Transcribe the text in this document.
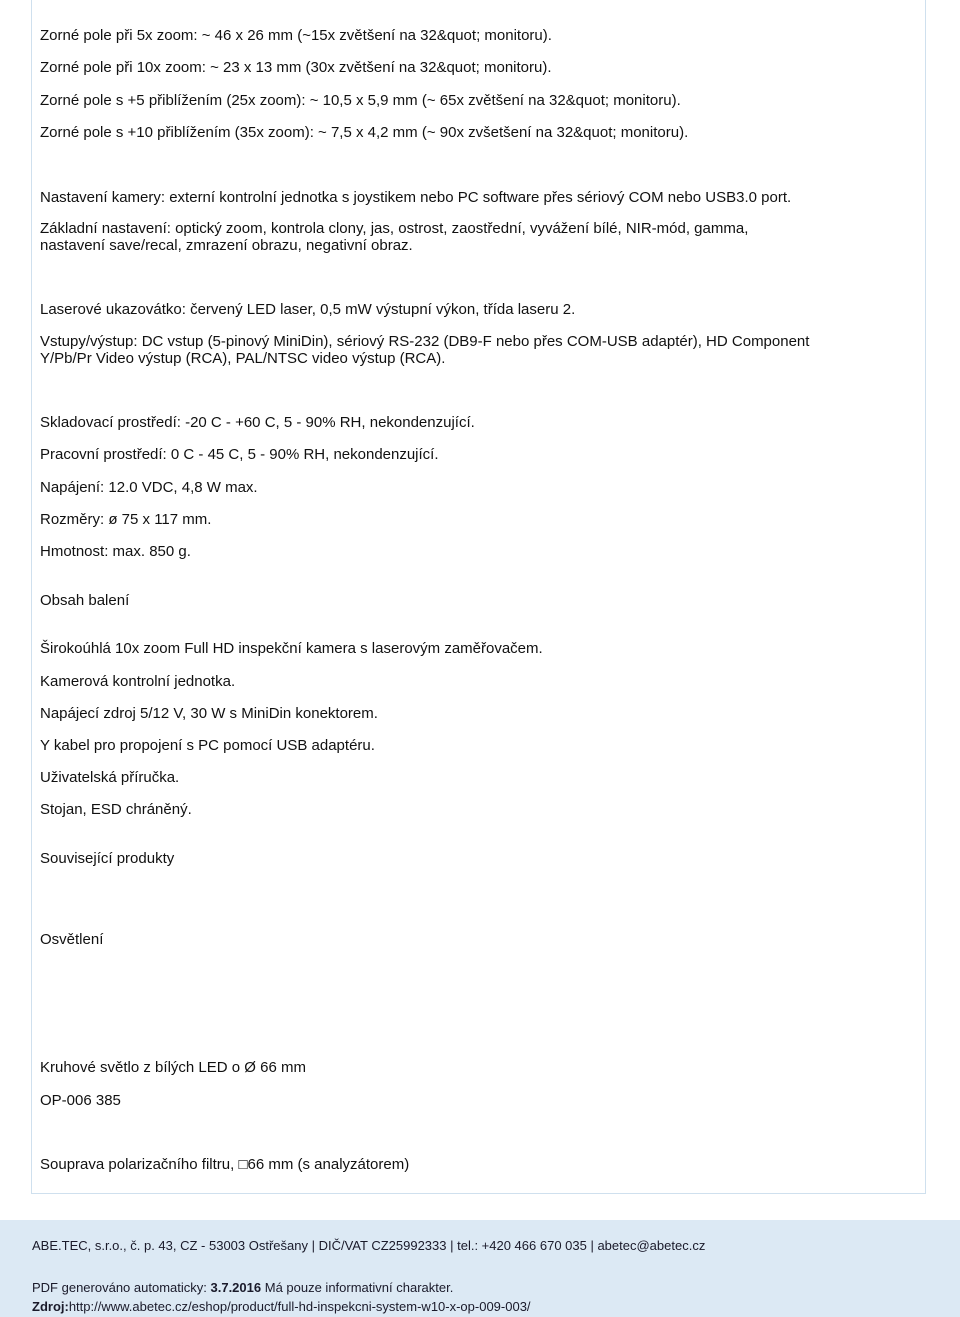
Zorné pole při 5x zoom: ~ 46 x 26 mm (~15x zvětšení na 32&quot; monitoru).
Zorné pole při 10x zoom: ~ 23 x 13 mm (30x zvětšení na 32&quot; monitoru).
Zorné pole s +5 přiblížením (25x zoom): ~ 10,5 x 5,9 mm (~ 65x zvětšení na 32&quot; monitoru).
Zorné pole s +10 přiblížením (35x zoom): ~ 7,5 x 4,2 mm (~ 90x zvšetšení na 32&quot; monitoru).
Nastavení kamery: externí kontrolní jednotka s joystikem nebo PC software přes sériový COM nebo USB3.0 port.
Základní nastavení: optický zoom, kontrola clony, jas, ostrost, zaostřední, vyvážení bílé, NIR-mód, gamma,
nastavení save/recal, zmrazení obrazu, negativní obraz.
Laserové ukazovátko: červený LED laser, 0,5 mW výstupní výkon, třída laseru 2.
Vstupy/výstup: DC vstup (5-pinový MiniDin), sériový RS-232 (DB9-F nebo přes COM-USB adaptér), HD Component
Y/Pb/Pr Video výstup (RCA), PAL/NTSC video výstup (RCA).
Skladovací prostředí: -20 C - +60 C, 5 - 90% RH, nekondenzující.
Pracovní prostředí: 0 C - 45 C, 5 - 90% RH, nekondenzující.
Napájení: 12.0 VDC, 4,8 W max.
Rozměry: ø 75 x 117 mm.
Hmotnost: max. 850 g.
Obsah balení
Širokoúhlá 10x zoom Full HD inspekční kamera s laserovým zaměřovačem.
Kamerová kontrolní jednotka.
Napájecí zdroj 5/12 V, 30 W s MiniDin konektorem.
Y kabel pro propojení s PC pomocí USB adaptéru.
Uživatelská příručka.
Stojan, ESD chráněný.
Související produkty
Osvětlení
Kruhové světlo z bílých LED o Ø 66 mm
OP-006 385
Souprava polarizačního filtru, □66 mm (s analyzátorem)
ABE.TEC, s.r.o., č. p. 43, CZ - 53003 Ostřešany | DIČ/VAT CZ25992333 | tel.: +420 466 670 035 | abetec@abetec.cz
PDF generováno automaticky: 3.7.2016 Má pouze informativní charakter.
Zdroj:http://www.abetec.cz/eshop/product/full-hd-inspekcni-system-w10-x-op-009-003/
